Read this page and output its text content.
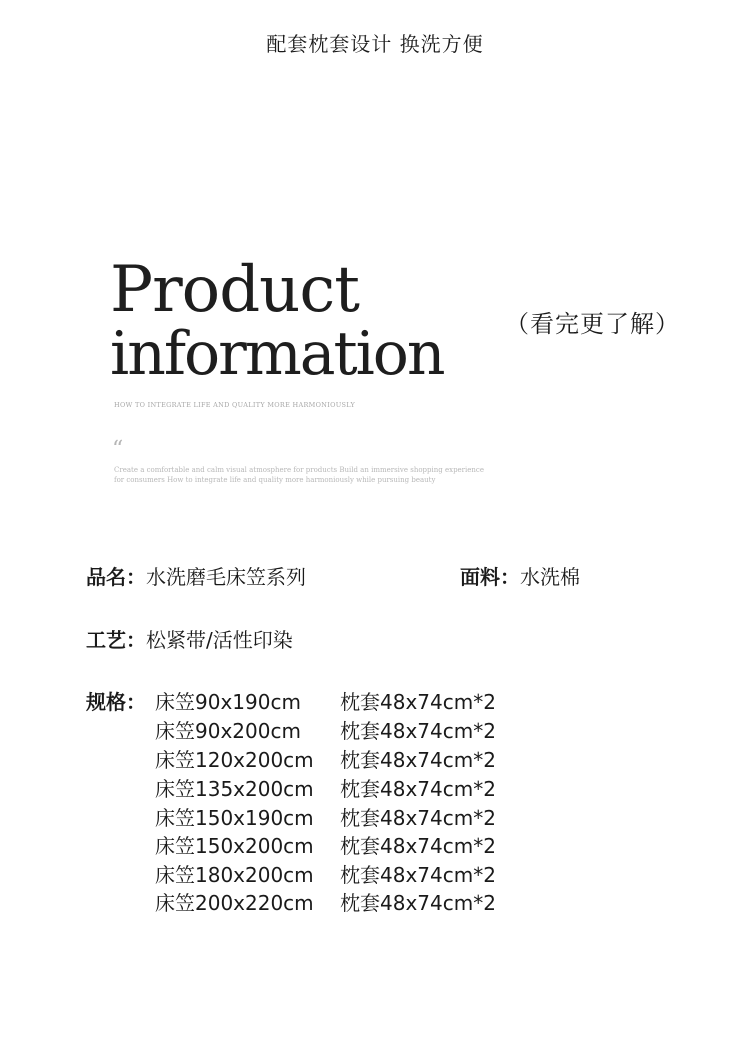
配套枕套设计 换洗方便
Product
information	（看完更了解）
HOW TO INTEGRATE LIFE AND QUALITY MORE HARMONIOUSLY
“
Create a comfortable and calm visual atmosphere for products Build an immersive shopping experience for consumers How to integrate life and quality more harmoniously while pursuing beauty
品名：水洗磨毛床笠系列	面料：水洗棉
工艺：松紧带/活性印染
规格： 床笠90x190cm 枕套48x74cm*2
床笠90x200cm 枕套48x74cm*2
床笠120x200cm 枕套48x74cm*2
床笠135x200cm 枕套48x74cm*2
床笠150x190cm 枕套48x74cm*2
床笠150x200cm 枕套48x74cm*2
床笠180x200cm 枕套48x74cm*2
床笠200x220cm 枕套48x74cm*2
